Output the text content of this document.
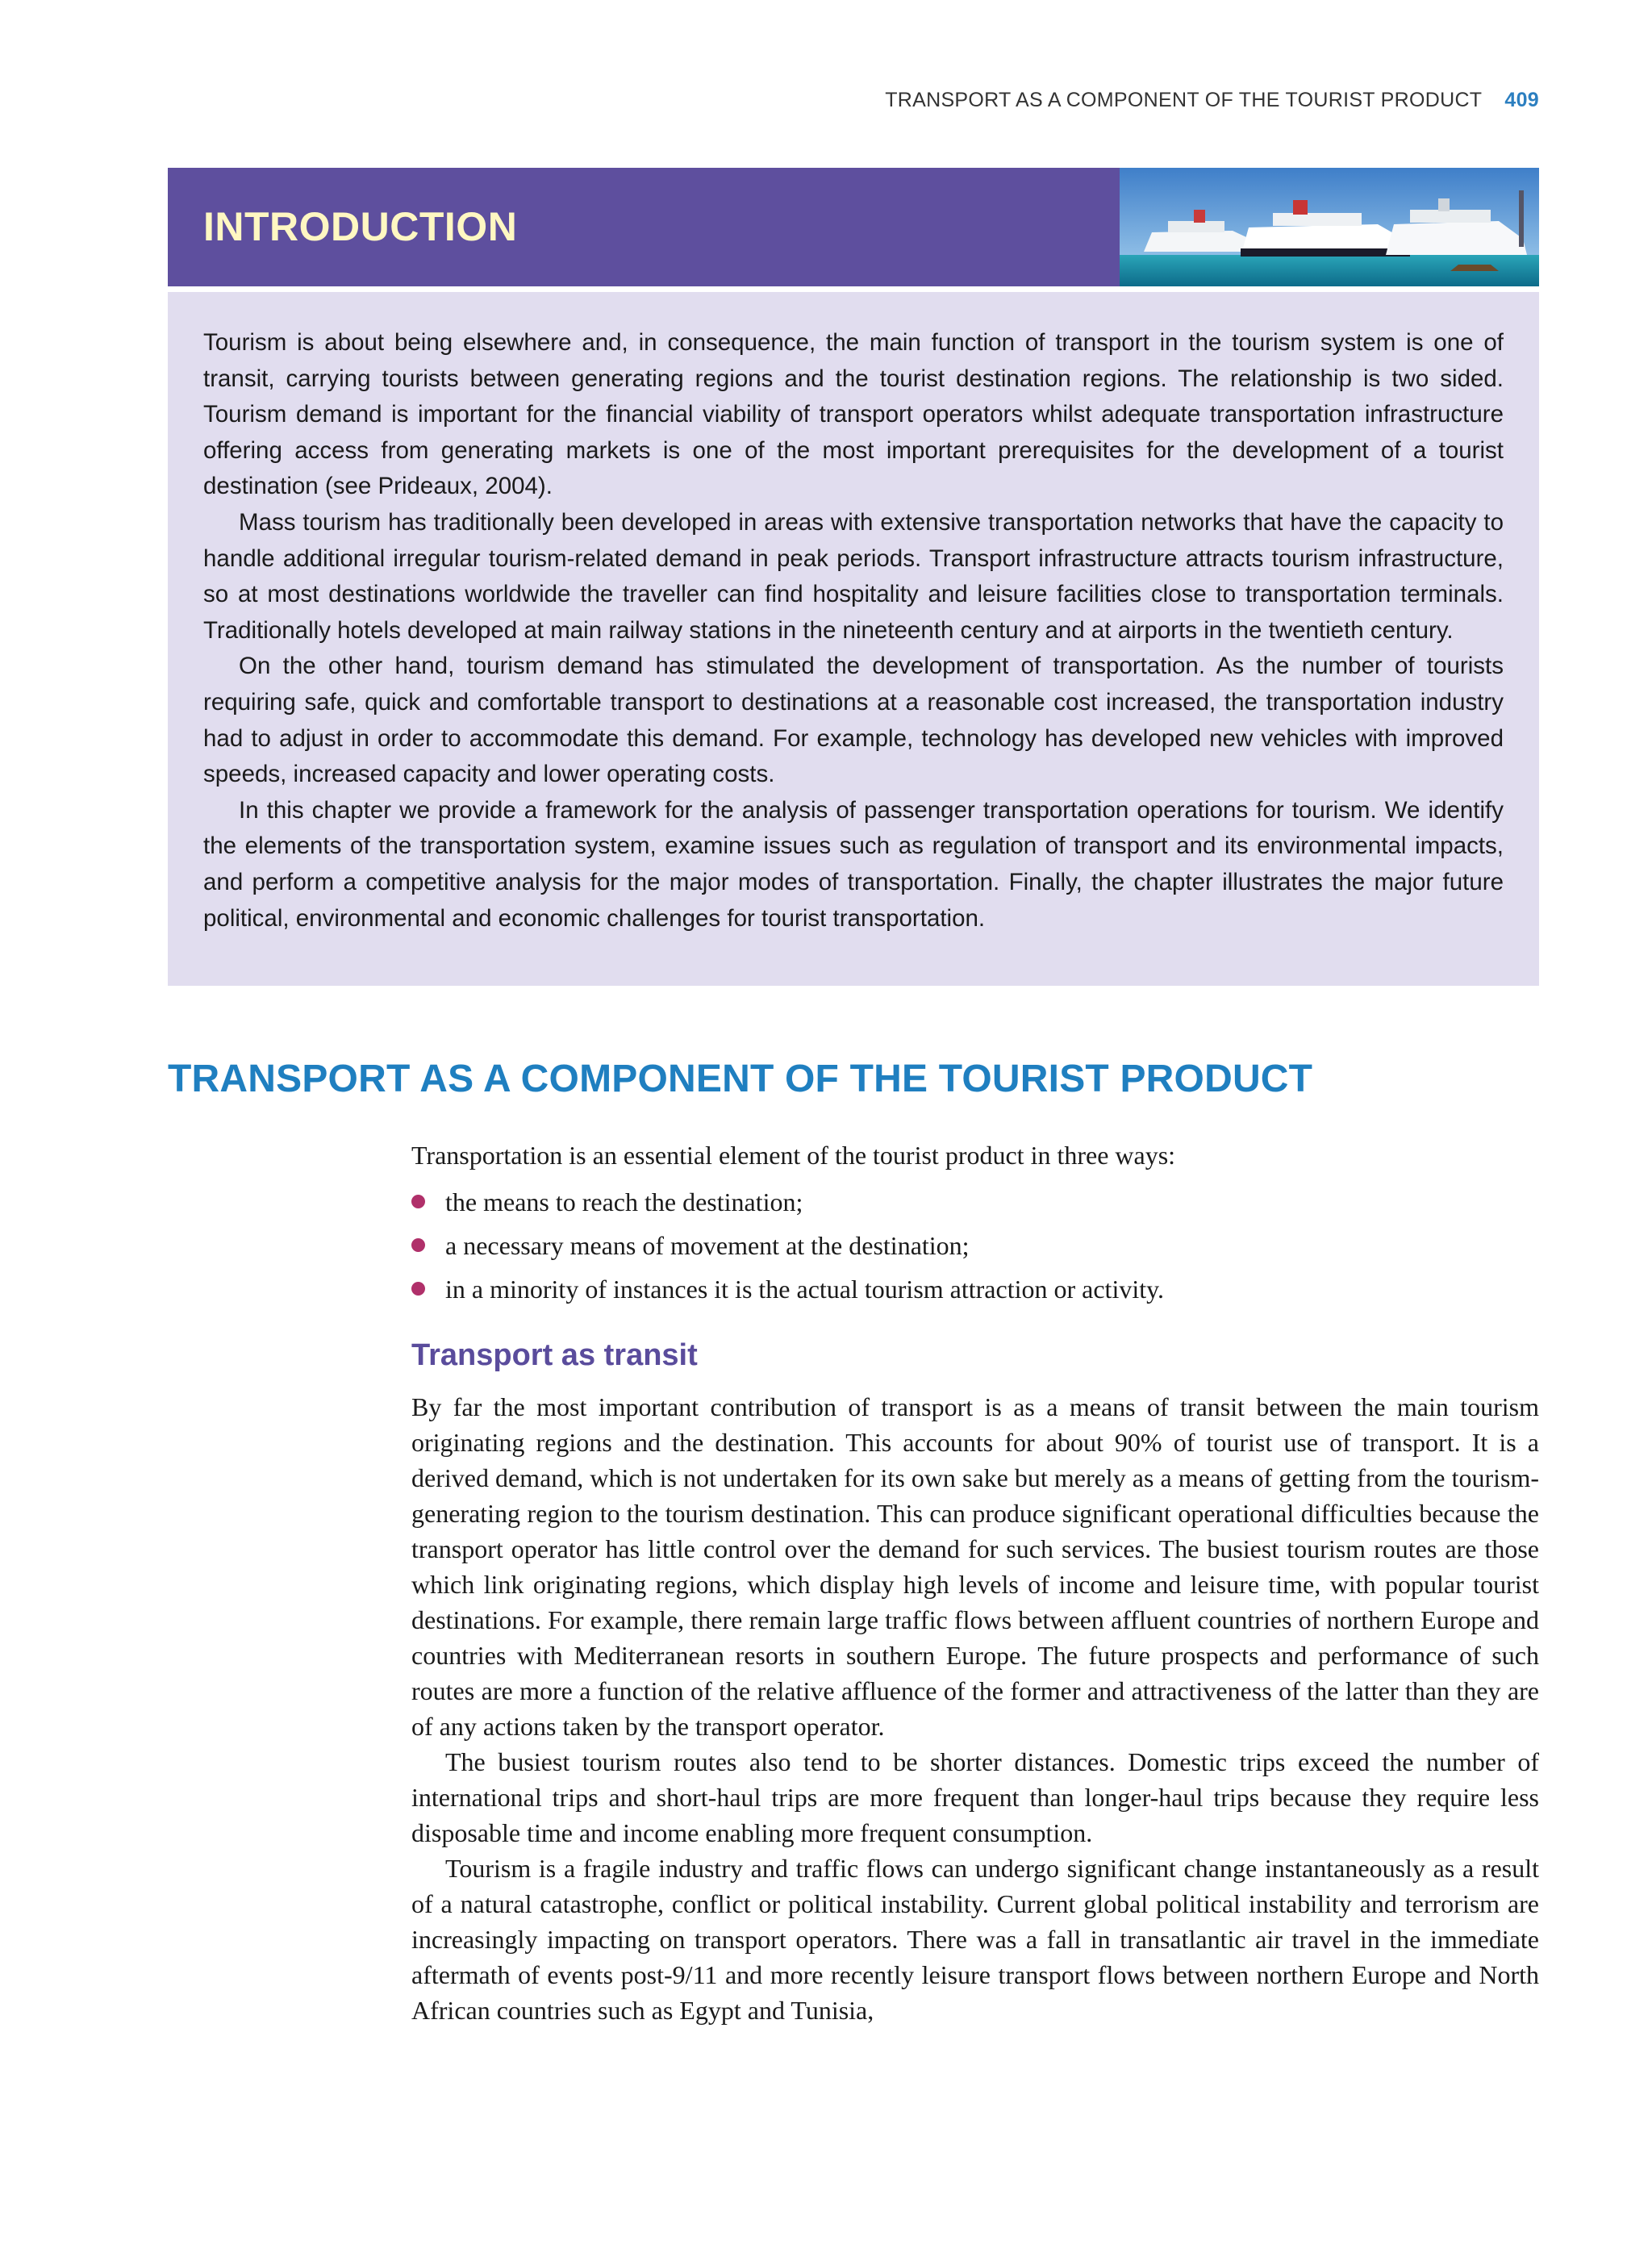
TRANSPORT AS A COMPONENT OF THE TOURIST PRODUCT 409
INTRODUCTION

Tourism is about being elsewhere and, in consequence, the main function of transport in the tourism system is one of transit, carrying tourists between generating regions and the tourist destination regions. The relationship is two sided. Tourism demand is important for the financial viability of transport operators whilst adequate transportation infrastructure offering access from generating markets is one of the most important prerequisites for the development of a tourist destination (see Prideaux, 2004).

Mass tourism has traditionally been developed in areas with extensive transportation networks that have the capacity to handle additional irregular tourism-related demand in peak periods. Transport infrastructure attracts tourism infrastructure, so at most destinations worldwide the traveller can find hospitality and leisure facilities close to transportation terminals. Traditionally hotels developed at main railway stations in the nineteenth century and at airports in the twentieth century.

On the other hand, tourism demand has stimulated the development of transportation. As the number of tourists requiring safe, quick and comfortable transport to destinations at a reasonable cost increased, the transportation industry had to adjust in order to accommodate this demand. For example, technology has developed new vehicles with improved speeds, increased capacity and lower operating costs.

In this chapter we provide a framework for the analysis of passenger transportation operations for tourism. We identify the elements of the transportation system, examine issues such as regulation of transport and its environmental impacts, and perform a competitive analysis for the major modes of transportation. Finally, the chapter illustrates the major future political, environmental and economic challenges for tourist transportation.

TRANSPORT AS A COMPONENT OF THE TOURIST PRODUCT

Transportation is an essential element of the tourist product in three ways:

the means to reach the destination;
a necessary means of movement at the destination;
in a minority of instances it is the actual tourism attraction or activity.
Transport as transit

By far the most important contribution of transport is as a means of transit between the main tourism originating regions and the destination. This accounts for about 90% of tourist use of transport. It is a derived demand, which is not undertaken for its own sake but merely as a means of getting from the tourism-generating region to the tourism destination. This can produce significant operational difficulties because the transport operator has little control over the demand for such services. The busiest tourism routes are those which link originating regions, which display high levels of income and leisure time, with popular tourist destinations. For example, there remain large traffic flows between affluent countries of northern Europe and countries with Mediterranean resorts in southern Europe. The future prospects and performance of such routes are more a function of the relative affluence of the former and attractiveness of the latter than they are of any actions taken by the transport operator.

The busiest tourism routes also tend to be shorter distances. Domestic trips exceed the number of international trips and short-haul trips are more frequent than longer-haul trips because they require less disposable time and income enabling more frequent consumption.

Tourism is a fragile industry and traffic flows can undergo significant change instantaneously as a result of a natural catastrophe, conflict or political instability. Current global political instability and terrorism are increasingly impacting on transport operators. There was a fall in transatlantic air travel in the immediate aftermath of events post-9/11 and more recently leisure transport flows between northern Europe and North African countries such as Egypt and Tunisia,
